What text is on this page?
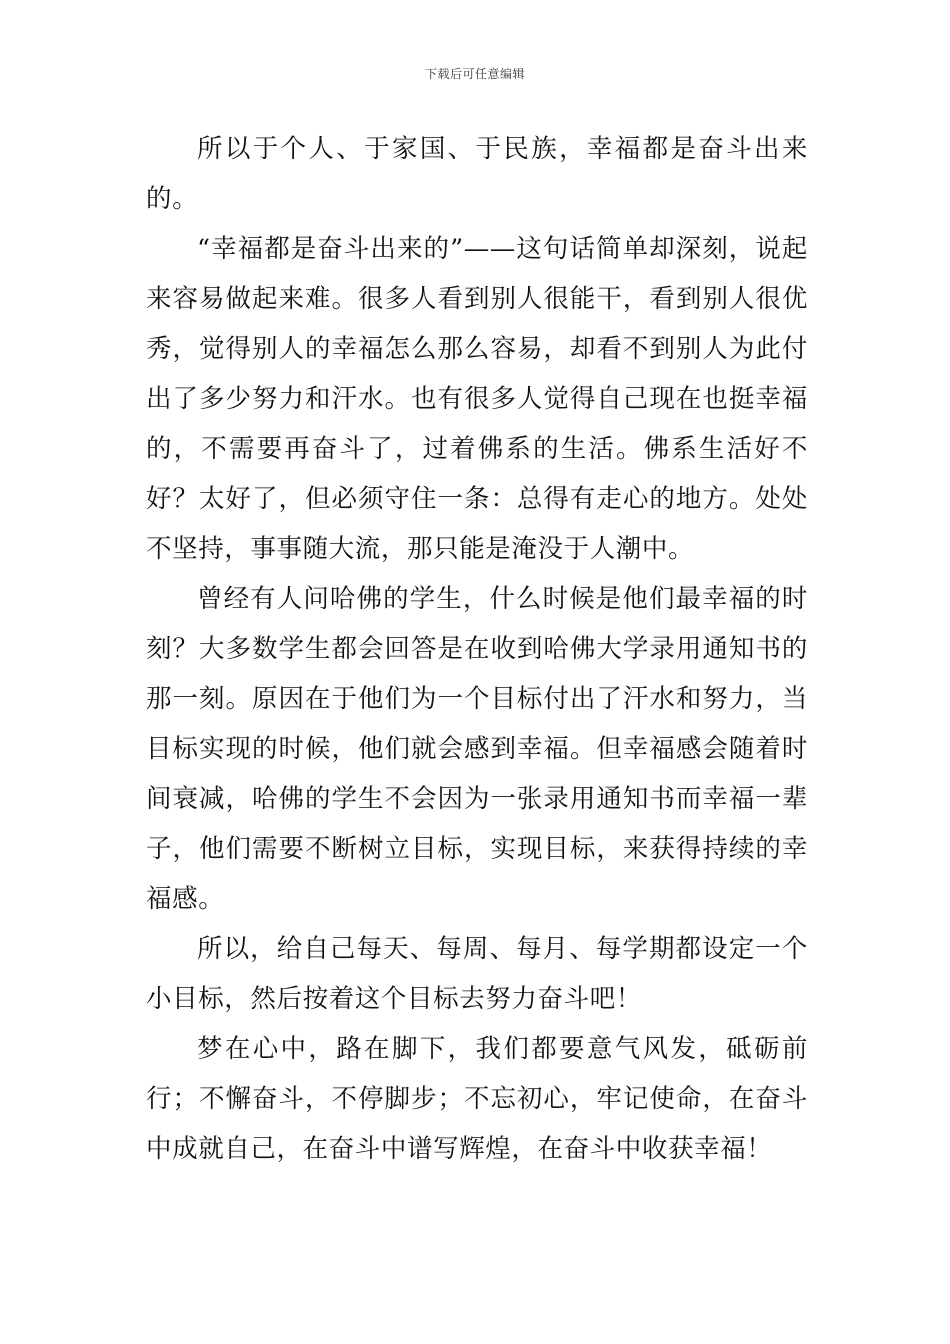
下载后可任意编辑

所以于个人、于家国、于民族，幸福都是奋斗出来的。

“幸福都是奋斗出来的”——这句话简单却深刻，说起来容易做起来难。很多人看到别人很能干，看到别人很优秀，觉得别人的幸福怎么那么容易，却看不到别人为此付出了多少努力和汗水。也有很多人觉得自己现在也挺幸福的，不需要再奋斗了，过着佛系的生活。佛系生活好不好？太好了，但必须守住一条：总得有走心的地方。处处不坚持，事事随大流，那只能是淹没于人潮中。

曾经有人问哈佛的学生，什么时候是他们最幸福的时刻？大多数学生都会回答是在收到哈佛大学录用通知书的那一刻。原因在于他们为一个目标付出了汗水和努力，当目标实现的时候，他们就会感到幸福。但幸福感会随着时间衰减，哈佛的学生不会因为一张录用通知书而幸福一辈子，他们需要不断树立目标，实现目标，来获得持续的幸福感。

所以，给自己每天、每周、每月、每学期都设定一个小目标，然后按着这个目标去努力奋斗吧！

梦在心中，路在脚下，我们都要意气风发，砥砺前行；不懈奋斗，不停脚步；不忘初心，牢记使命，在奋斗中成就自己，在奋斗中谱写辉煌，在奋斗中收获幸福！
